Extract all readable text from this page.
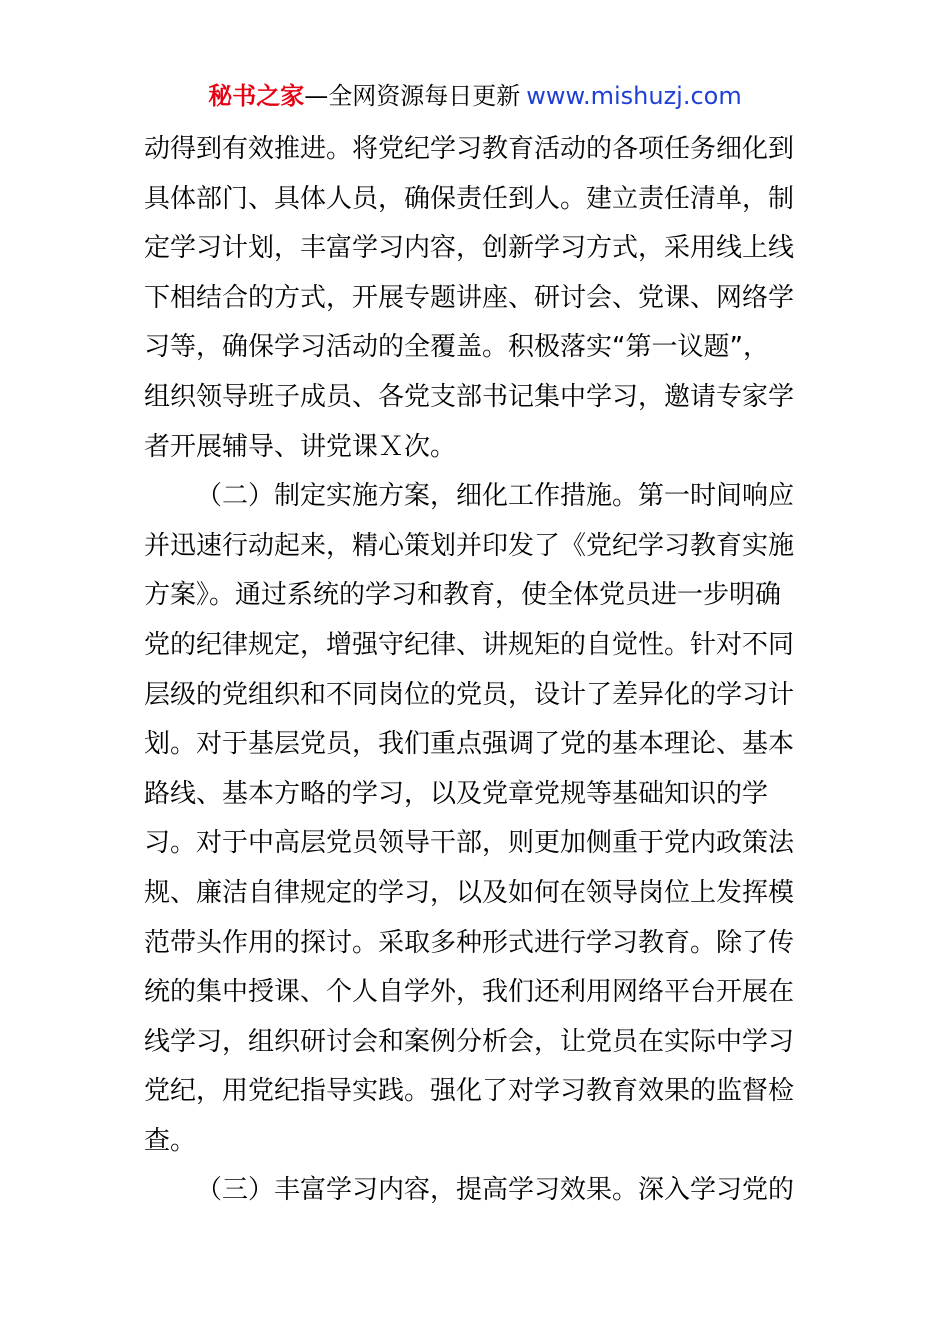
秘书之家—全网资源每日更新 www.mishuzj.com
动得到有效推进。将党纪学习教育活动的各项任务细化到
具体部门、具体人员，确保责任到人。建立责任清单，制
定学习计划，丰富学习内容，创新学习方式，采用线上线
下相结合的方式，开展专题讲座、研讨会、党课、网络学
习等，确保学习活动的全覆盖。积极落实“第一议题”，
组织领导班子成员、各党支部书记集中学习，邀请专家学
者开展辅导、讲党课Ｘ次。
（二）制定实施方案，细化工作措施。第一时间响应
并迅速行动起来，精心策划并印发了《党纪学习教育实施
方案》。通过系统的学习和教育，使全体党员进一步明确
党的纪律规定，增强守纪律、讲规矩的自觉性。针对不同
层级的党组织和不同岗位的党员，设计了差异化的学习计
划。对于基层党员，我们重点强调了党的基本理论、基本
路线、基本方略的学习，以及党章党规等基础知识的学
习。对于中高层党员领导干部，则更加侧重于党内政策法
规、廉洁自律规定的学习，以及如何在领导岗位上发挥模
范带头作用的探讨。采取多种形式进行学习教育。除了传
统的集中授课、个人自学外，我们还利用网络平台开展在
线学习，组织研讨会和案例分析会，让党员在实际中学习
党纪，用党纪指导实践。强化了对学习教育效果的监督检
查。
（三）丰富学习内容，提高学习效果。深入学习党的
